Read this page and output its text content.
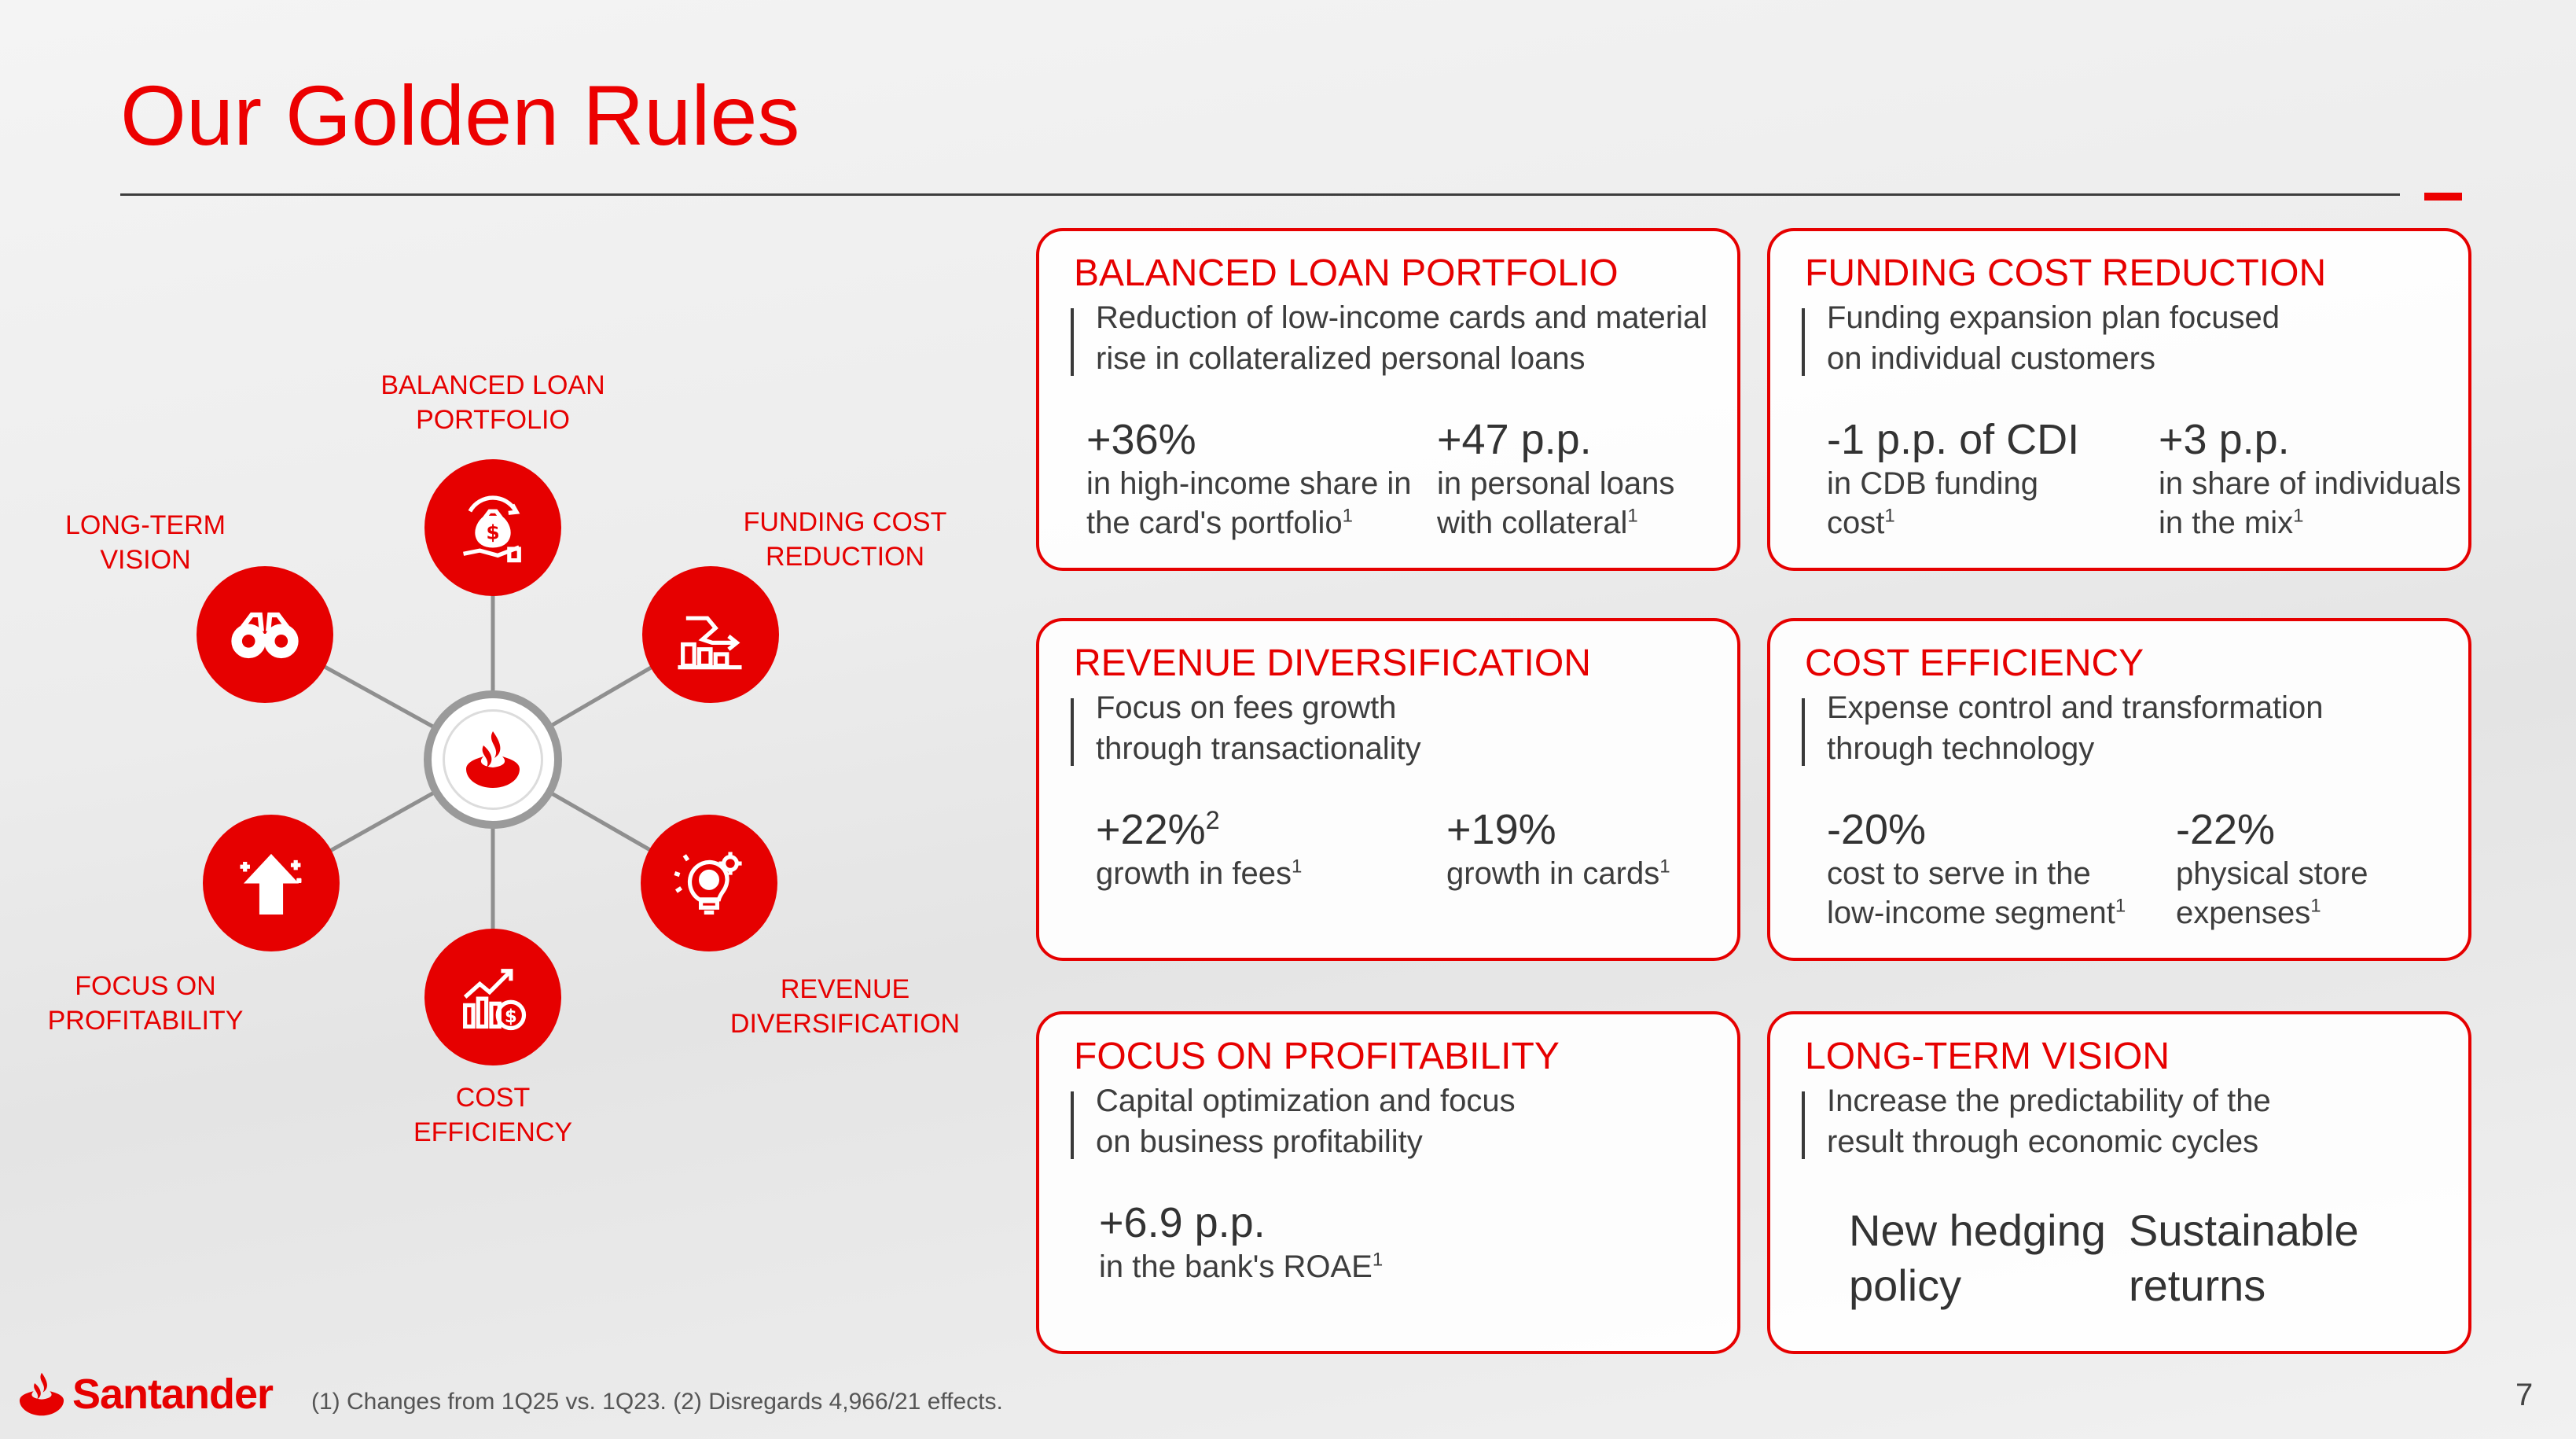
Our Golden Rules
$
$
BALANCED LOAN
PORTFOLIO
FUNDING COST
REDUCTION
REVENUE
DIVERSIFICATION
COST
EFFICIENCY
FOCUS ON
PROFITABILITY
LONG-TERM
VISION
BALANCED LOAN PORTFOLIO
Reduction of low-income cards and material
rise in collateralized personal loans
+36%
in high-income share in
the card's portfolio$^1$
+47 p.p.
in personal loans
with collateral$^1$
FUNDING COST REDUCTION
Funding expansion plan focused
on individual customers
-1 p.p. of CDI
in CDB funding
cost$^1$
+3 p.p.
in share of individuals
in the mix$^1$
REVENUE DIVERSIFICATION
Focus on fees growth
through transactionality
+22%$^2$
growth in fees$^1$
+19%
growth in cards$^1$
COST EFFICIENCY
Expense control and transformation
through technology
-20%
cost to serve in the
low-income segment$^1$
-22%
physical store
expenses$^1$
FOCUS ON PROFITABILITY
Capital optimization and focus
on business profitability
+6.9 p.p.
in the bank's ROAE$^1$
LONG-TERM VISION
Increase the predictability of the
result through economic cycles
New hedging
policy
Sustainable
returns
Santander (1) Changes from 1Q25 vs. 1Q23. (2) Disregards 4,966/21 effects.	7
